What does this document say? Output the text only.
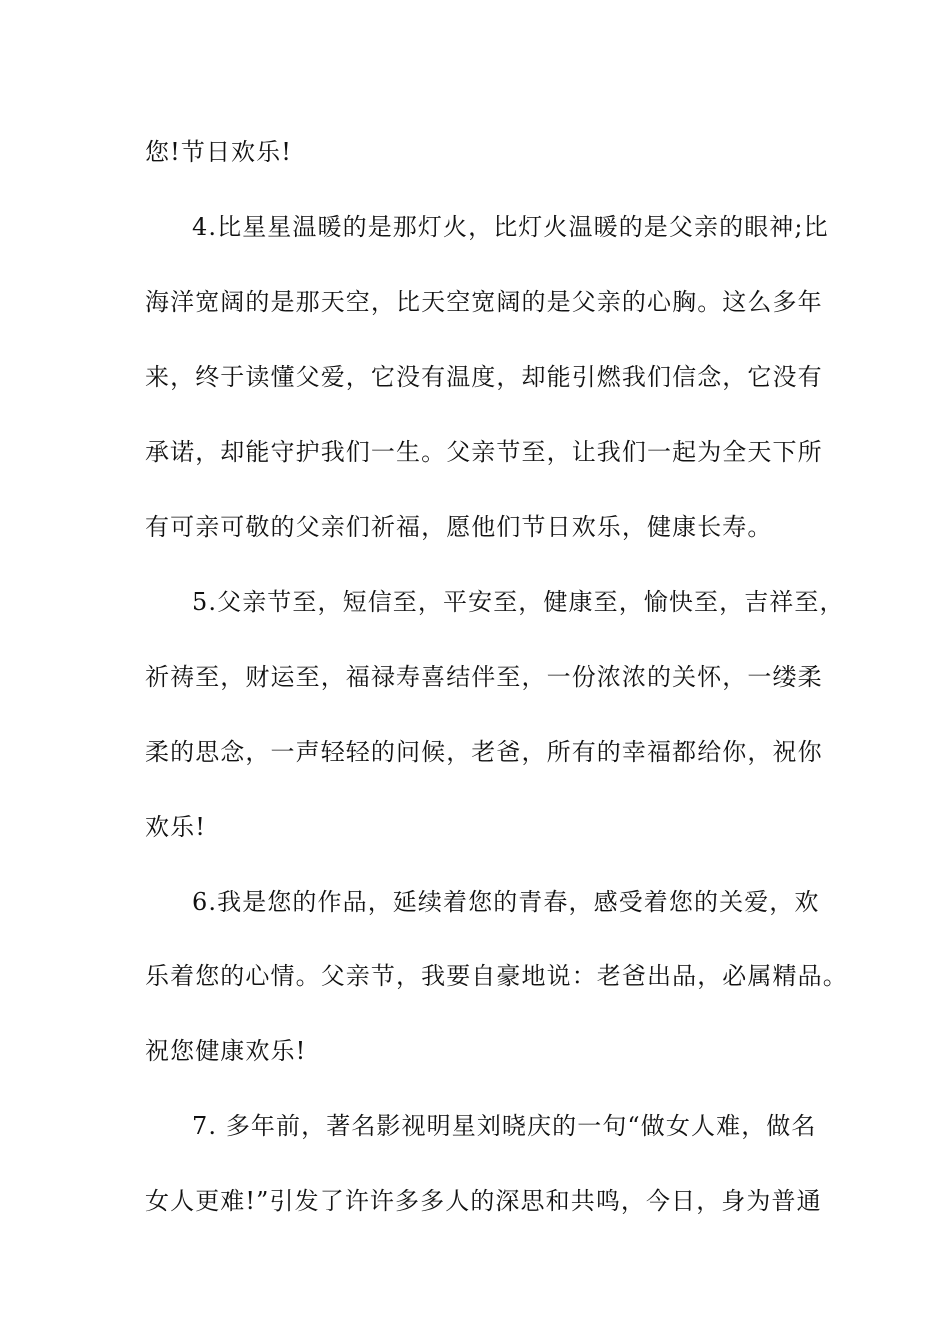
您!节日欢乐!
4.比星星温暖的是那灯火，比灯火温暖的是父亲的眼神;比
海洋宽阔的是那天空，比天空宽阔的是父亲的心胸。这么多年
来，终于读懂父爱，它没有温度，却能引燃我们信念，它没有
承诺，却能守护我们一生。父亲节至，让我们一起为全天下所
有可亲可敬的父亲们祈福，愿他们节日欢乐，健康长寿。
5.父亲节至，短信至，平安至，健康至，愉快至，吉祥至，
祈祷至，财运至，福禄寿喜结伴至，一份浓浓的关怀，一缕柔
柔的思念，一声轻轻的问候，老爸，所有的幸福都给你，祝你
欢乐!
6.我是您的作品，延续着您的青春，感受着您的关爱，欢
乐着您的心情。父亲节，我要自豪地说：老爸出品，必属精品。
祝您健康欢乐!
7. 多年前，著名影视明星刘晓庆的一句“做女人难，做名
女人更难!”引发了许许多多人的深思和共鸣，今日，身为普通
